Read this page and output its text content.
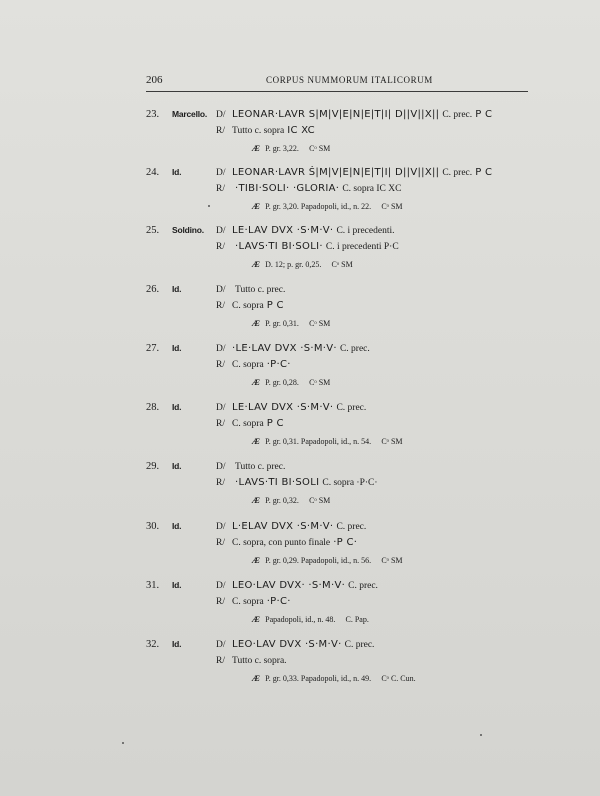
206	CORPUS NUMMORUM ITALICORUM
23. Marcello. D/ LEONAR·LAVR S|M|V|E|N|E|T|I| D||V||X|| C. prec. P C
R/ Tutto c. sopra IC XC
Æ P. gr. 3,22. Cᵒ SM
24. Id.	D/ LEONAR·LAVR Ṡ|M|V|E|N|E|T|I| D||V||X|| C. prec. P C
R/ ·TIBI·SOLI· ·GLORIA· C. sopra IC XC
Æ P. gr. 3,20. Papadopoli, id., n. 22. Cᵒ SM
25. Soldino. D/ LE·LAV DVX ·S·M·V· C. i precedenti.
R/ ·LAVS·TI BI·SOLI· C. i precedenti P·C
Æ D. 12; p. gr. 0,25. Cᵒ SM
26. Id.	D/ Tutto c. prec.
R/ C. sopra P C
Æ P. gr. 0,31. Cᵒ SM
27. Id.	D/ ·LE·LAV DVX ·S·M·V· C. prec.
R/ C. sopra ·P·C·
Æ P. gr. 0,28. Cᵒ SM
28. Id.	D/ LE·LAV DVX ·S·M·V· C. prec.
R/ C. sopra P C
Æ P. gr. 0,31. Papadopoli, id., n. 54. Cᵒ SM
29. Id.	D/ Tutto c. prec.
R/ ·LAVS·TI BI·SOLI C. sopra ·P·C·
Æ P. gr. 0,32. Cᵒ SM
30. Id.	D/ L·ELAV DVX ·S·M·V· C. prec.
R/ C. sopra, con punto finale ·P C·
Æ P. gr. 0,29. Papadopoli, id., n. 56. Cᵒ SM
31. Id.	D/ LEO·LAV DVX· ·S·M·V· C. prec.
R/ C. sopra ·P·C·
Æ Papadopoli, id., n. 48. C. Pap.
32. Id.	D/ LEO·LAV DVX ·S·M·V· C. prec.
R/ Tutto c. sopra.
Æ P. gr. 0,33. Papadopoli, id., n. 49. Cᵒ C. Cun.
